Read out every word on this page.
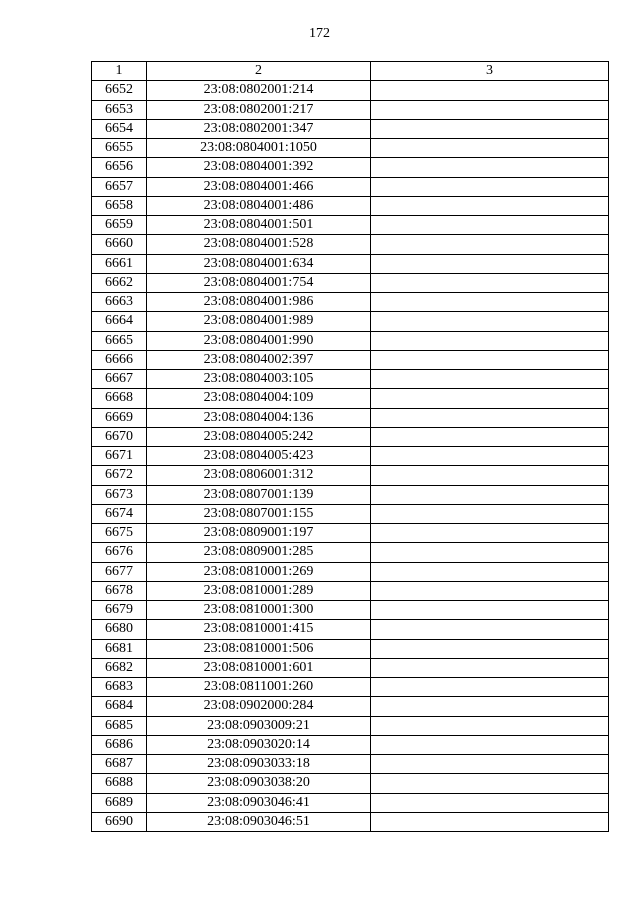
172
1	2	3
6652	23:08:0802001:214	
6653	23:08:0802001:217	
6654	23:08:0802001:347	
6655	23:08:0804001:1050	
6656	23:08:0804001:392	
6657	23:08:0804001:466	
6658	23:08:0804001:486	
6659	23:08:0804001:501	
6660	23:08:0804001:528	
6661	23:08:0804001:634	
6662	23:08:0804001:754	
6663	23:08:0804001:986	
6664	23:08:0804001:989	
6665	23:08:0804001:990	
6666	23:08:0804002:397	
6667	23:08:0804003:105	
6668	23:08:0804004:109	
6669	23:08:0804004:136	
6670	23:08:0804005:242	
6671	23:08:0804005:423	
6672	23:08:0806001:312	
6673	23:08:0807001:139	
6674	23:08:0807001:155	
6675	23:08:0809001:197	
6676	23:08:0809001:285	
6677	23:08:0810001:269	
6678	23:08:0810001:289	
6679	23:08:0810001:300	
6680	23:08:0810001:415	
6681	23:08:0810001:506	
6682	23:08:0810001:601	
6683	23:08:0811001:260	
6684	23:08:0902000:284	
6685	23:08:0903009:21	
6686	23:08:0903020:14	
6687	23:08:0903033:18	
6688	23:08:0903038:20	
6689	23:08:0903046:41	
6690	23:08:0903046:51	
